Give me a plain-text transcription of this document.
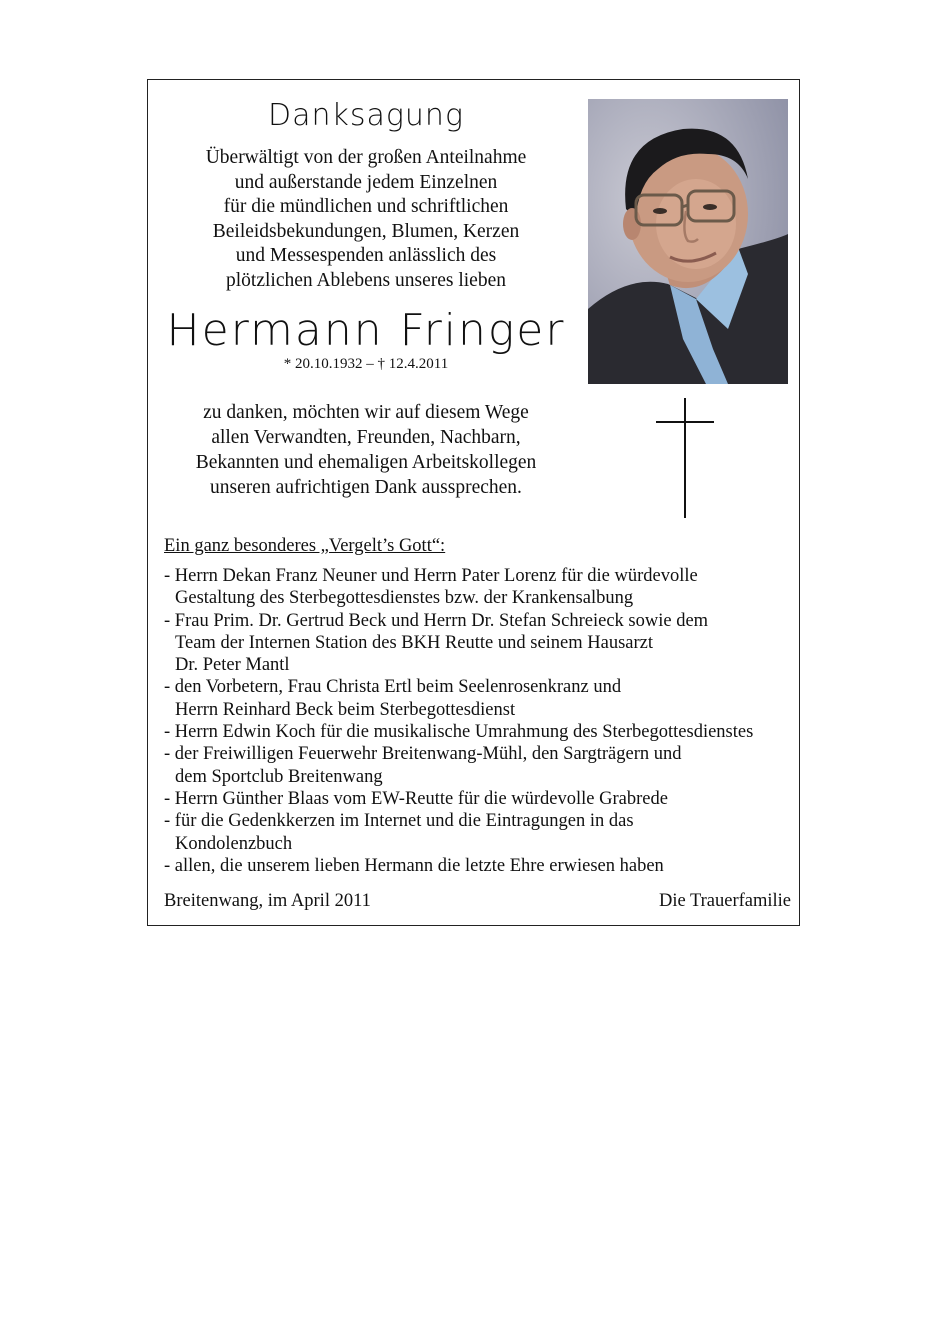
Danksagung
Überwältigt von der großen Anteilnahme
und außerstande jedem Einzelnen
für die mündlichen und schriftlichen
Beileidsbekundungen, Blumen, Kerzen
und Messespenden anlässlich des
plötzlichen Ablebens unseres lieben
Hermann Fringer
* 20.10.1932 – † 12.4.2011
zu danken, möchten wir auf diesem Wege
allen Verwandten, Freunden, Nachbarn,
Bekannten und ehemaligen Arbeitskollegen
unseren aufrichtigen Dank aussprechen.
Ein ganz besonderes „Vergelt’s Gott“:
- Herrn Dekan Franz Neuner und Herrn Pater Lorenz für die würdevolle
Gestaltung des Sterbegottesdienstes bzw. der Krankensalbung
- Frau Prim. Dr. Gertrud Beck und Herrn Dr. Stefan Schreieck sowie dem
Team der Internen Station des BKH Reutte und seinem Hausarzt
Dr. Peter Mantl
- den Vorbetern, Frau Christa Ertl beim Seelenrosenkranz und
Herrn Reinhard Beck beim Sterbegottesdienst
- Herrn Edwin Koch für die musikalische Umrahmung des Sterbegottesdienstes
- der Freiwilligen Feuerwehr Breitenwang-Mühl, den Sargträgern und
dem Sportclub Breitenwang
- Herrn Günther Blaas vom EW-Reutte für die würdevolle Grabrede
- für die Gedenkkerzen im Internet und die Eintragungen in das
Kondolenzbuch
- allen, die unserem lieben Hermann die letzte Ehre erwiesen haben
Breitenwang, im April 2011	Die Trauerfamilie
